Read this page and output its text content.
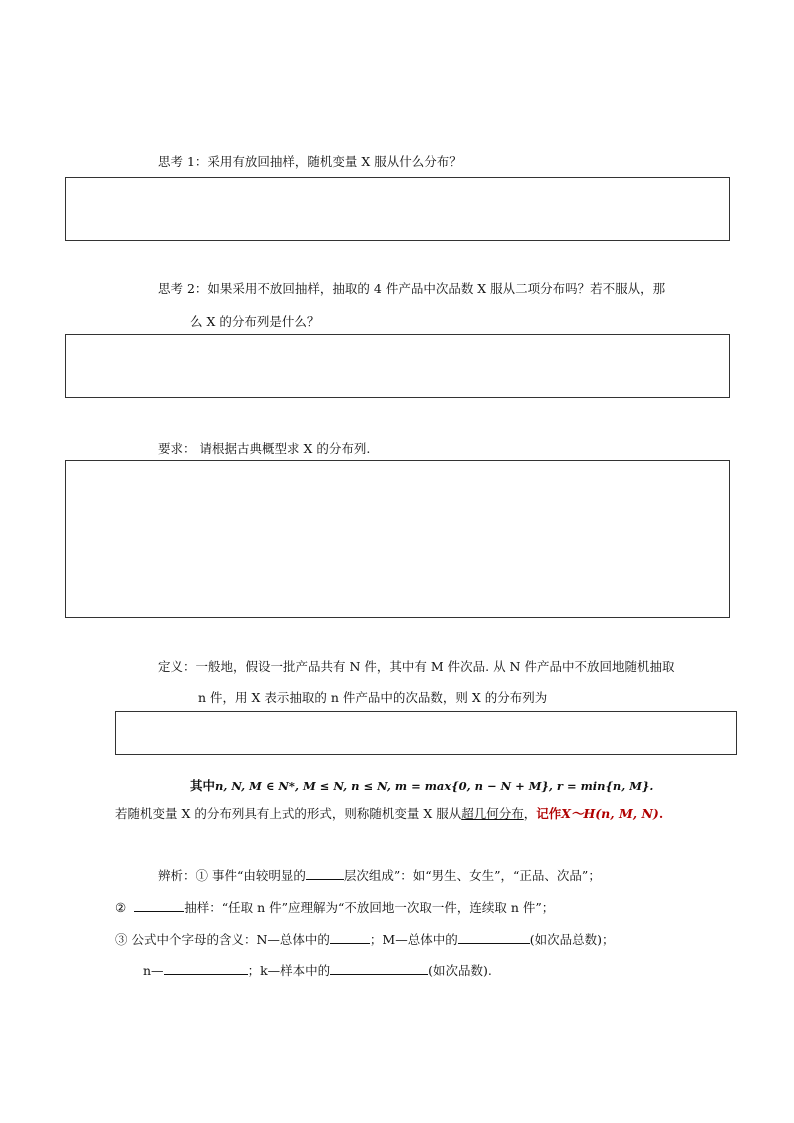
思考 1：采用有放回抽样，随机变量 X 服从什么分布？
思考 2：如果采用不放回抽样，抽取的 4 件产品中次品数 X 服从二项分布吗？若不服从，那
么 X 的分布列是什么？
要求： 请根据古典概型求 X 的分布列.
定义：一般地，假设一批产品共有 N 件，其中有 M 件次品. 从 N 件产品中不放回地随机抽取
n 件，用 X 表示抽取的 n 件产品中的次品数，则 X 的分布列为
其中n, N, M ∈ N*, M ≤ N, n ≤ N, m = max{0, n − N + M}, r = min{n, M}.
若随机变量 X 的分布列具有上式的形式，则称随机变量 X 服从超几何分布，记作X～H(n, M, N).
辨析：① 事件“由较明显的	层次组成”：如“男生、女生”，“正品、次品”；
②	抽样：“任取 n 件”应理解为“不放回地一次取一件，连续取 n 件”；
③ 公式中个字母的含义：N—总体中的	；M—总体中的	(如次品总数)；
n—	；k—样本中的	(如次品数).
